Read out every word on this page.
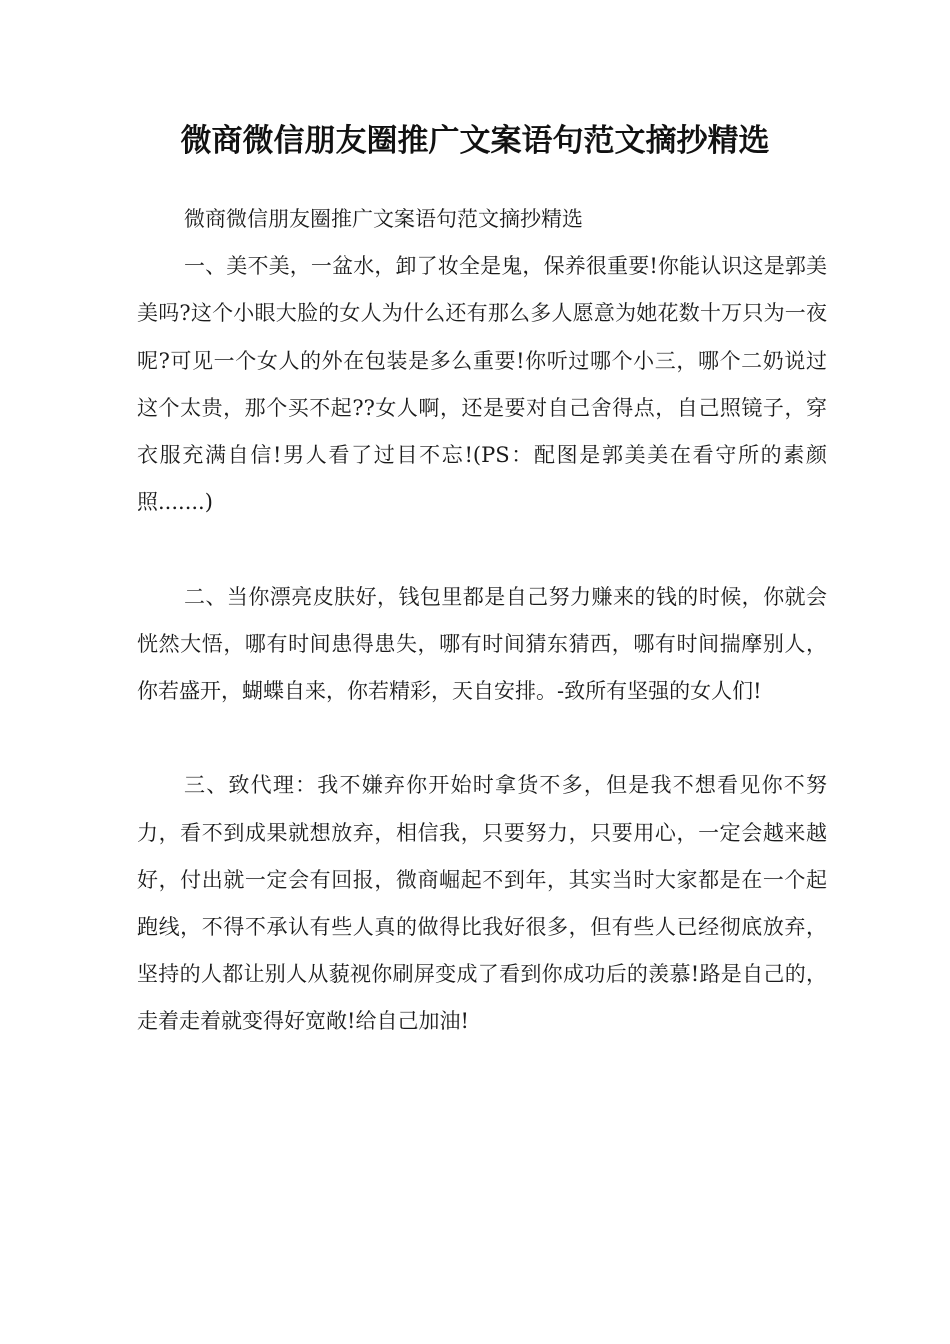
微商微信朋友圈推广文案语句范文摘抄精选

微商微信朋友圈推广文案语句范文摘抄精选

一、美不美，一盆水，卸了妆全是鬼，保养很重要!你能认识这是郭美美吗?这个小眼大脸的女人为什么还有那么多人愿意为她花数十万只为一夜呢?可见一个女人的外在包装是多么重要!你听过哪个小三，哪个二奶说过这个太贵，那个买不起??女人啊，还是要对自己舍得点，自己照镜子，穿衣服充满自信!男人看了过目不忘!(PS：配图是郭美美在看守所的素颜照.......)

二、当你漂亮皮肤好，钱包里都是自己努力赚来的钱的时候，你就会恍然大悟，哪有时间患得患失，哪有时间猜东猜西，哪有时间揣摩别人，你若盛开，蝴蝶自来，你若精彩，天自安排。-致所有坚强的女人们!

三、致代理：我不嫌弃你开始时拿货不多，但是我不想看见你不努力，看不到成果就想放弃，相信我，只要努力，只要用心，一定会越来越好，付出就一定会有回报，微商崛起不到年，其实当时大家都是在一个起跑线，不得不承认有些人真的做得比我好很多，但有些人已经彻底放弃，坚持的人都让别人从藐视你刷屏变成了看到你成功后的羡慕!路是自己的，走着走着就变得好宽敞!给自己加油!
